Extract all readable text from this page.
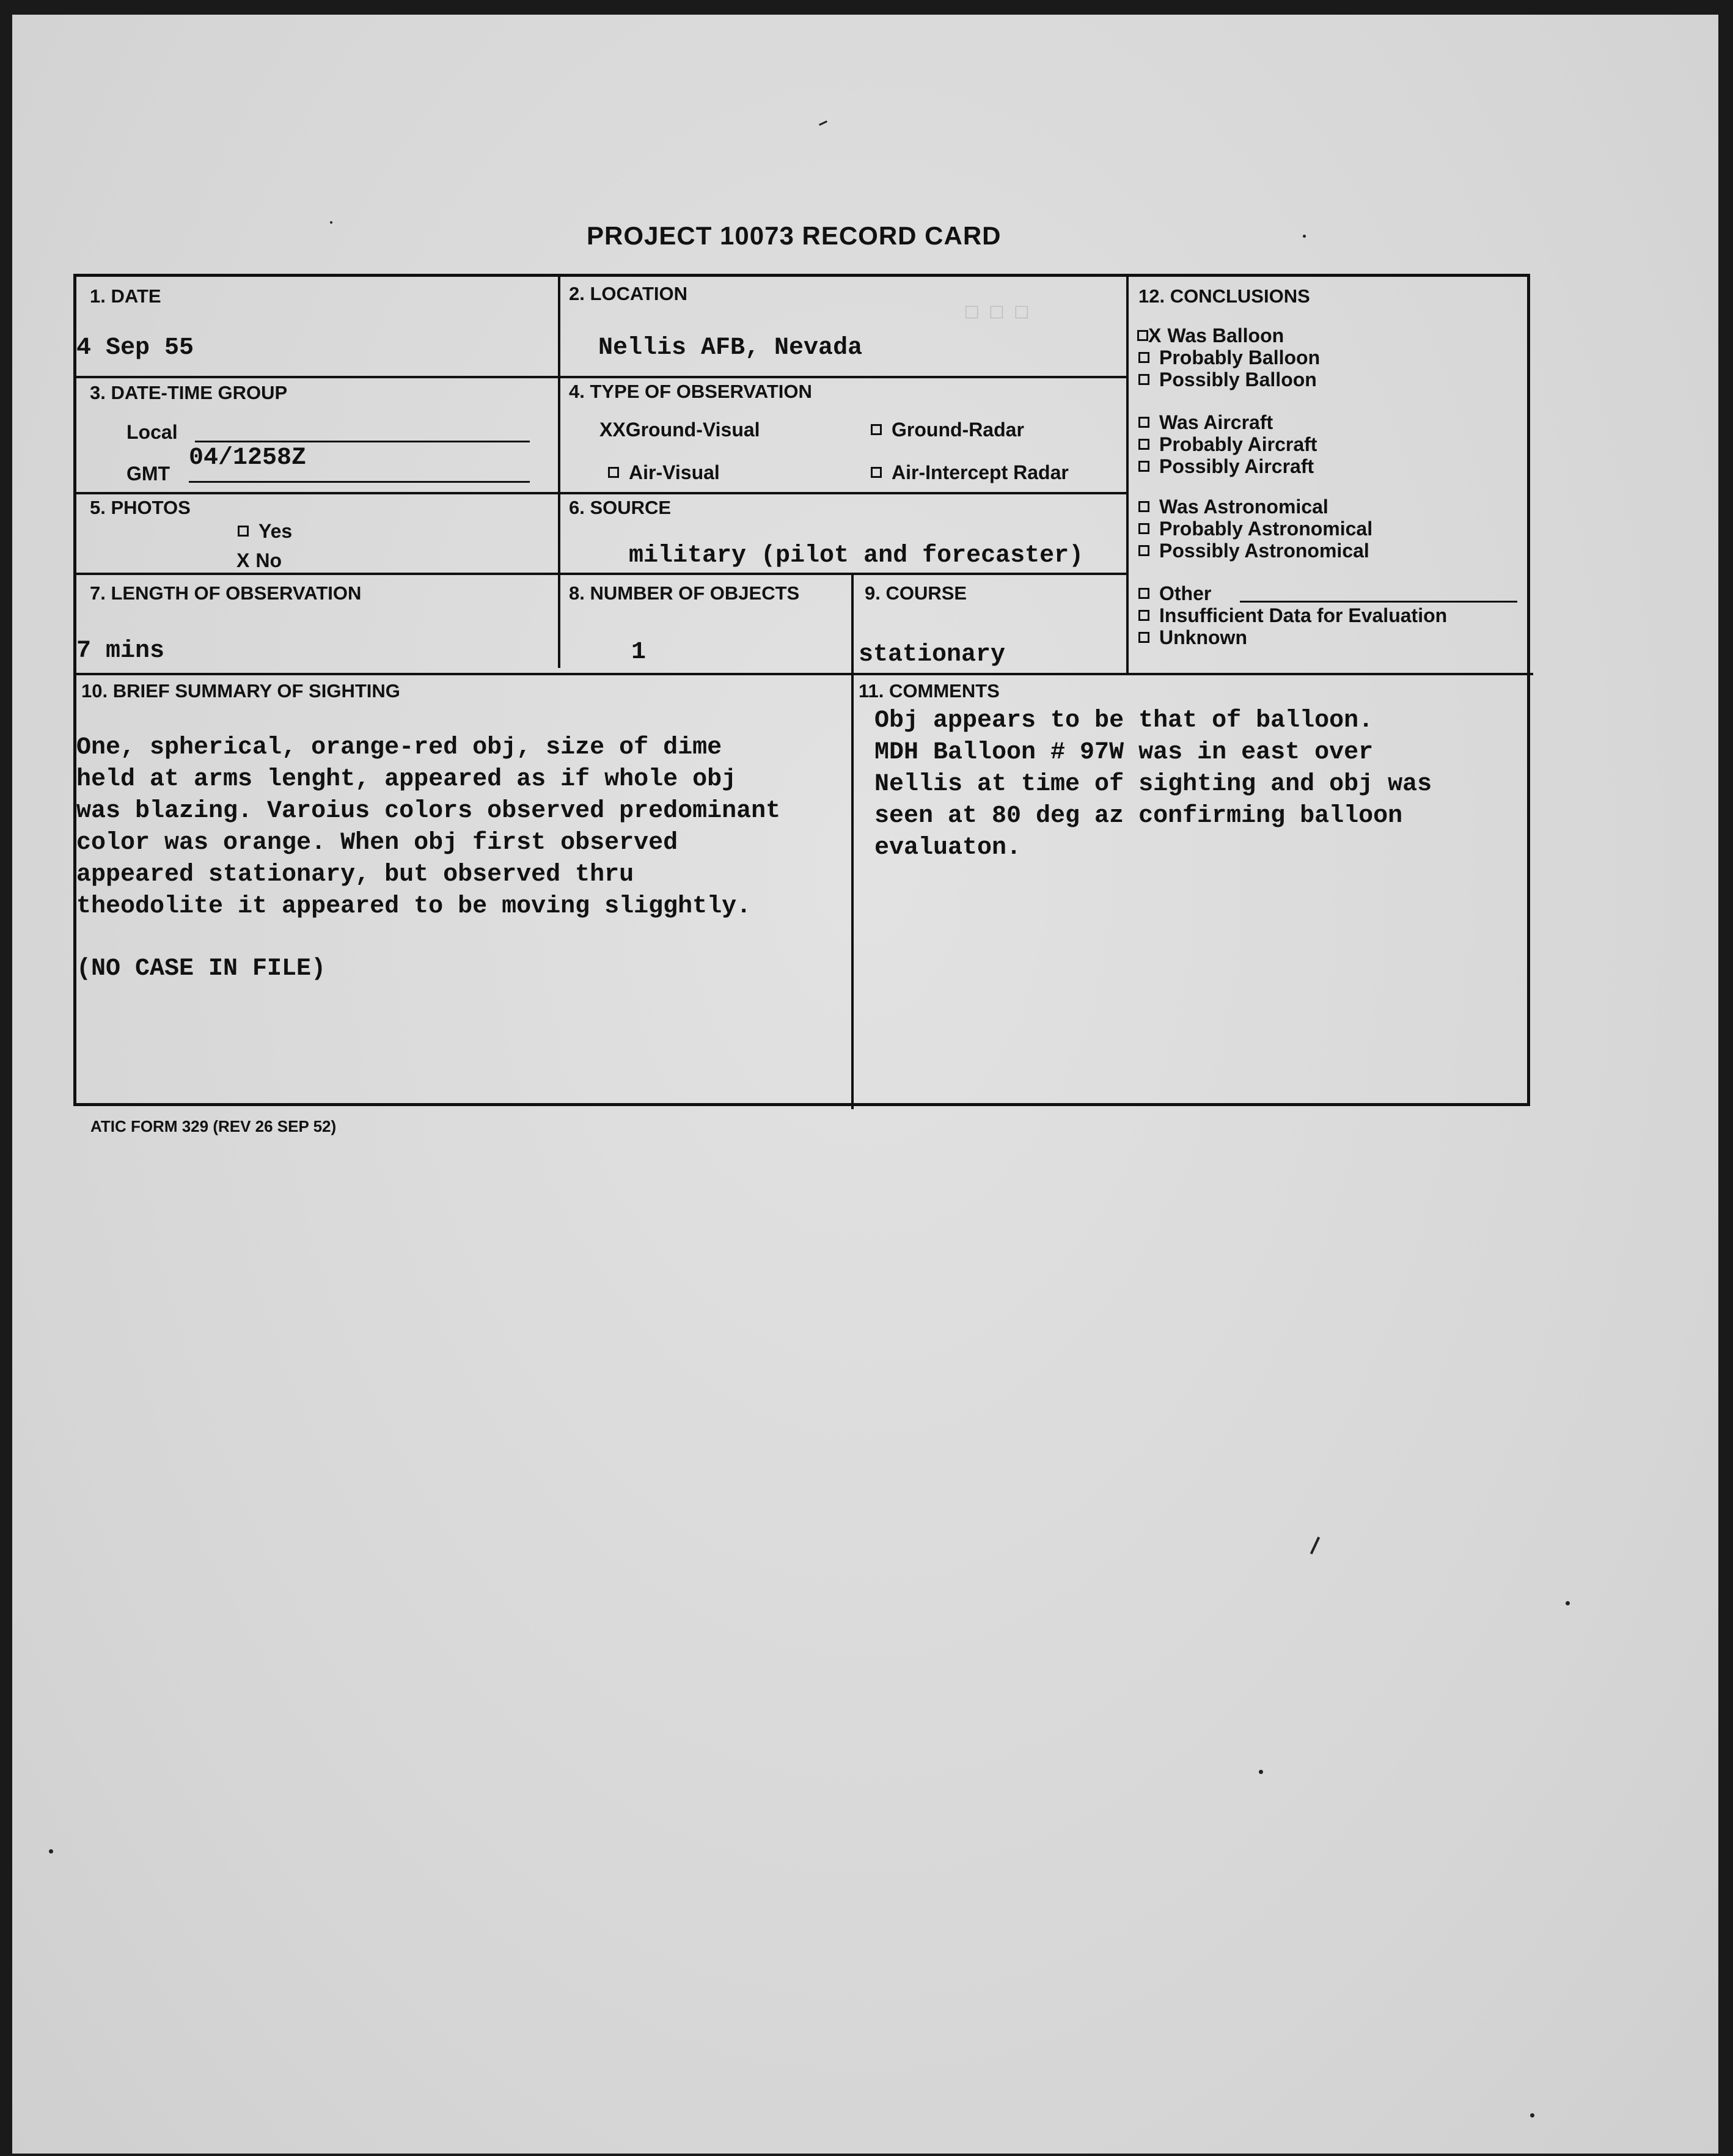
□ □ □
PROJECT 10073 RECORD CARD
1. DATE
4 Sep 55
2. LOCATION
Nellis AFB, Nevada
3. DATE-TIME GROUP
Local
GMT
04/1258Z
4. TYPE OF OBSERVATION
XXGround-Visual	Ground-Radar
Air-Visual	Air-Intercept Radar
5. PHOTOS
Yes
X No
6. SOURCE
military (pilot and forecaster)
7. LENGTH OF OBSERVATION
7 mins
8. NUMBER OF OBJECTS
1
9. COURSE
stationary
12. CONCLUSIONS
X Was Balloon
Probably Balloon
Possibly Balloon
Was Aircraft
Probably Aircraft
Possibly Aircraft
Was Astronomical
Probably Astronomical
Possibly Astronomical
Other
Insufficient Data for Evaluation
Unknown
10. BRIEF SUMMARY OF SIGHTING
One, spherical, orange-red obj, size of dime
held at arms lenght, appeared as if whole obj
was blazing. Varoius colors observed predominant
color was orange. When obj first observed
appeared stationary, but observed thru
theodolite it appeared to be moving sligghtly.
(NO CASE IN FILE)
11. COMMENTS
Obj appears to be that of balloon.
MDH Balloon # 97W was in east over
Nellis at time of sighting and obj was
seen at 80 deg az confirming balloon
evaluaton.
ATIC FORM 329 (REV 26 SEP 52)
